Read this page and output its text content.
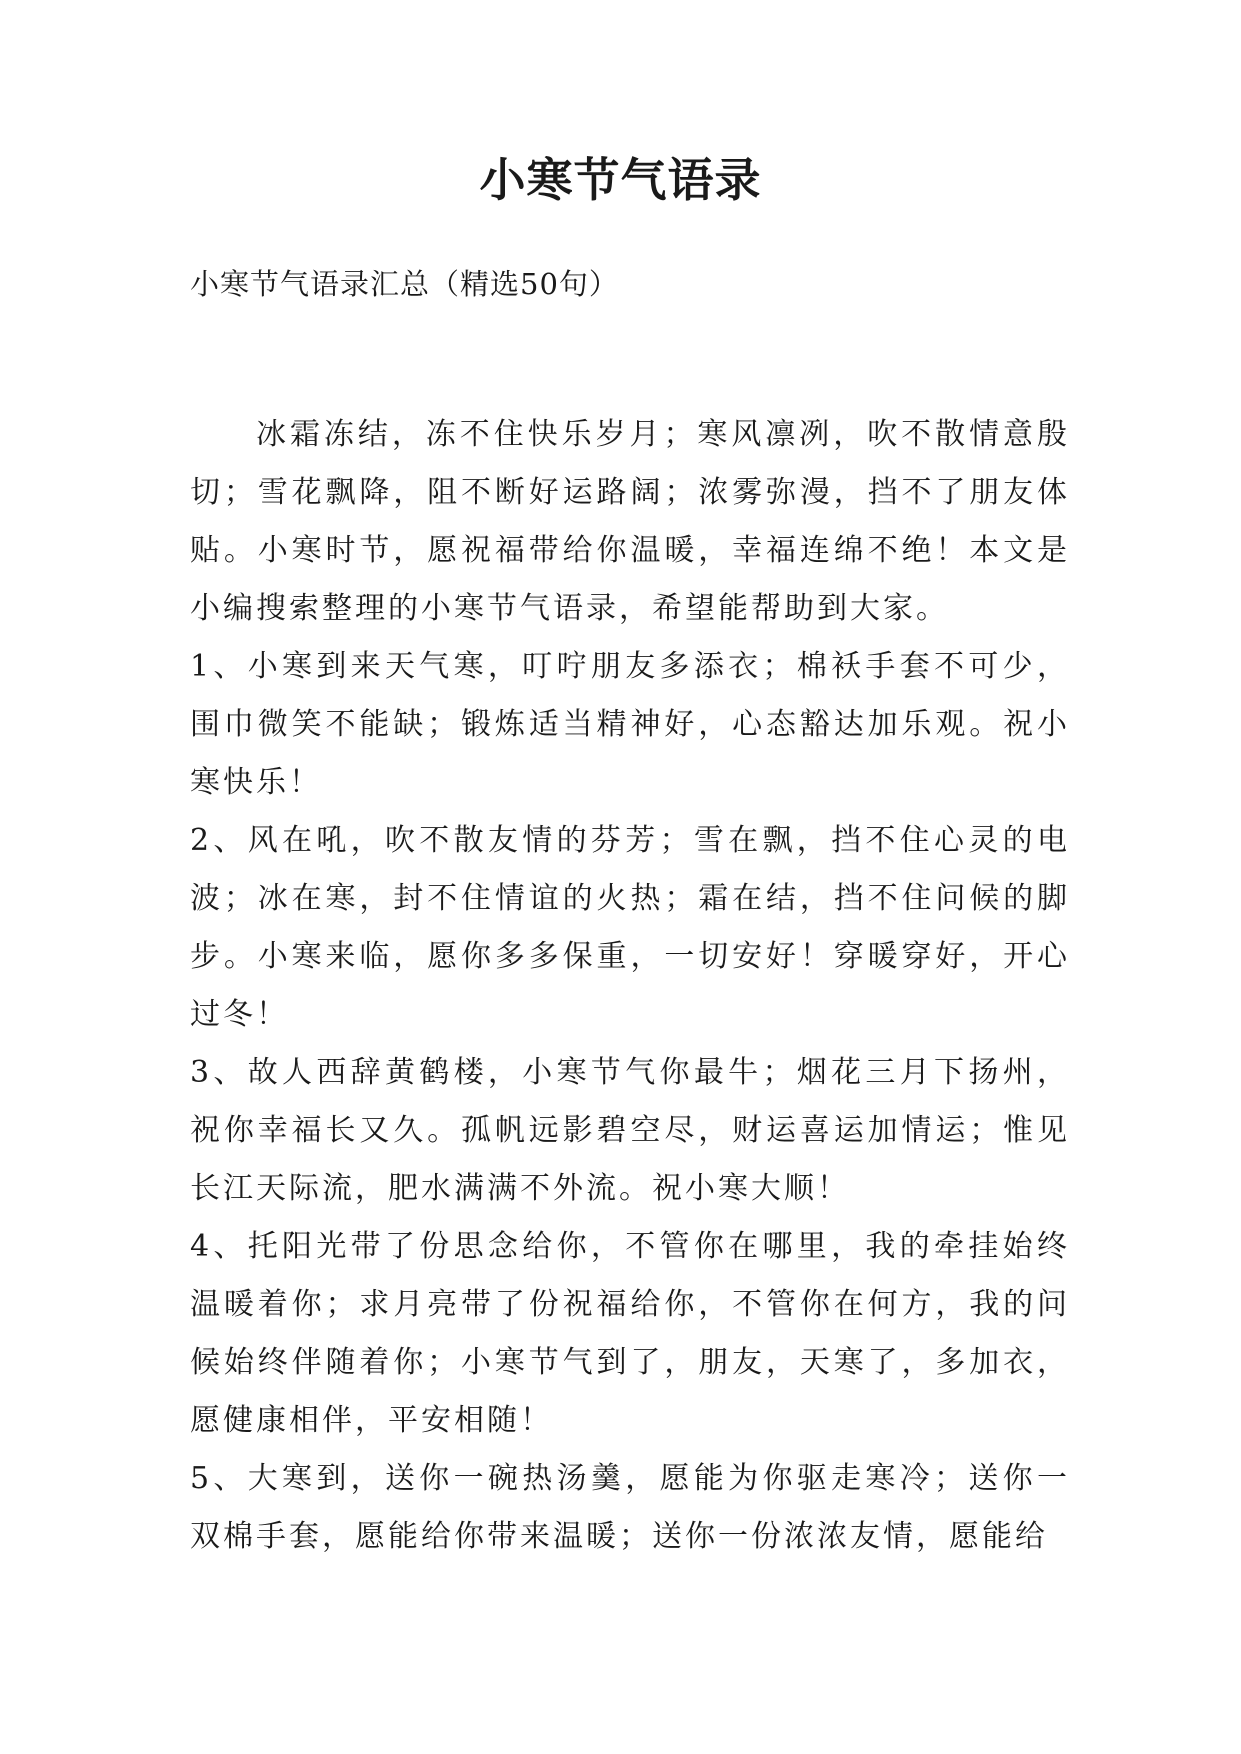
小寒节气语录
小寒节气语录汇总（精选50句）

冰霜冻结，冻不住快乐岁月；寒风凛冽，吹不散情意殷切；雪花飘降，阻不断好运路阔；浓雾弥漫，挡不了朋友体贴。小寒时节，愿祝福带给你温暖，幸福连绵不绝！本文是小编搜索整理的小寒节气语录，希望能帮助到大家。

1、小寒到来天气寒，叮咛朋友多添衣；棉袄手套不可少，围巾微笑不能缺；锻炼适当精神好，心态豁达加乐观。祝小寒快乐！

2、风在吼，吹不散友情的芬芳；雪在飘，挡不住心灵的电波；冰在寒，封不住情谊的火热；霜在结，挡不住问候的脚步。小寒来临，愿你多多保重，一切安好！穿暖穿好，开心过冬！

3、故人西辞黄鹤楼，小寒节气你最牛；烟花三月下扬州，祝你幸福长又久。孤帆远影碧空尽，财运喜运加情运；惟见长江天际流，肥水满满不外流。祝小寒大顺！

4、托阳光带了份思念给你，不管你在哪里，我的牵挂始终温暖着你；求月亮带了份祝福给你，不管你在何方，我的问候始终伴随着你；小寒节气到了，朋友，天寒了，多加衣，愿健康相伴，平安相随！

5、大寒到，送你一碗热汤羹，愿能为你驱走寒冷；送你一双棉手套，愿能给你带来温暖；送你一份浓浓友情，愿能给
